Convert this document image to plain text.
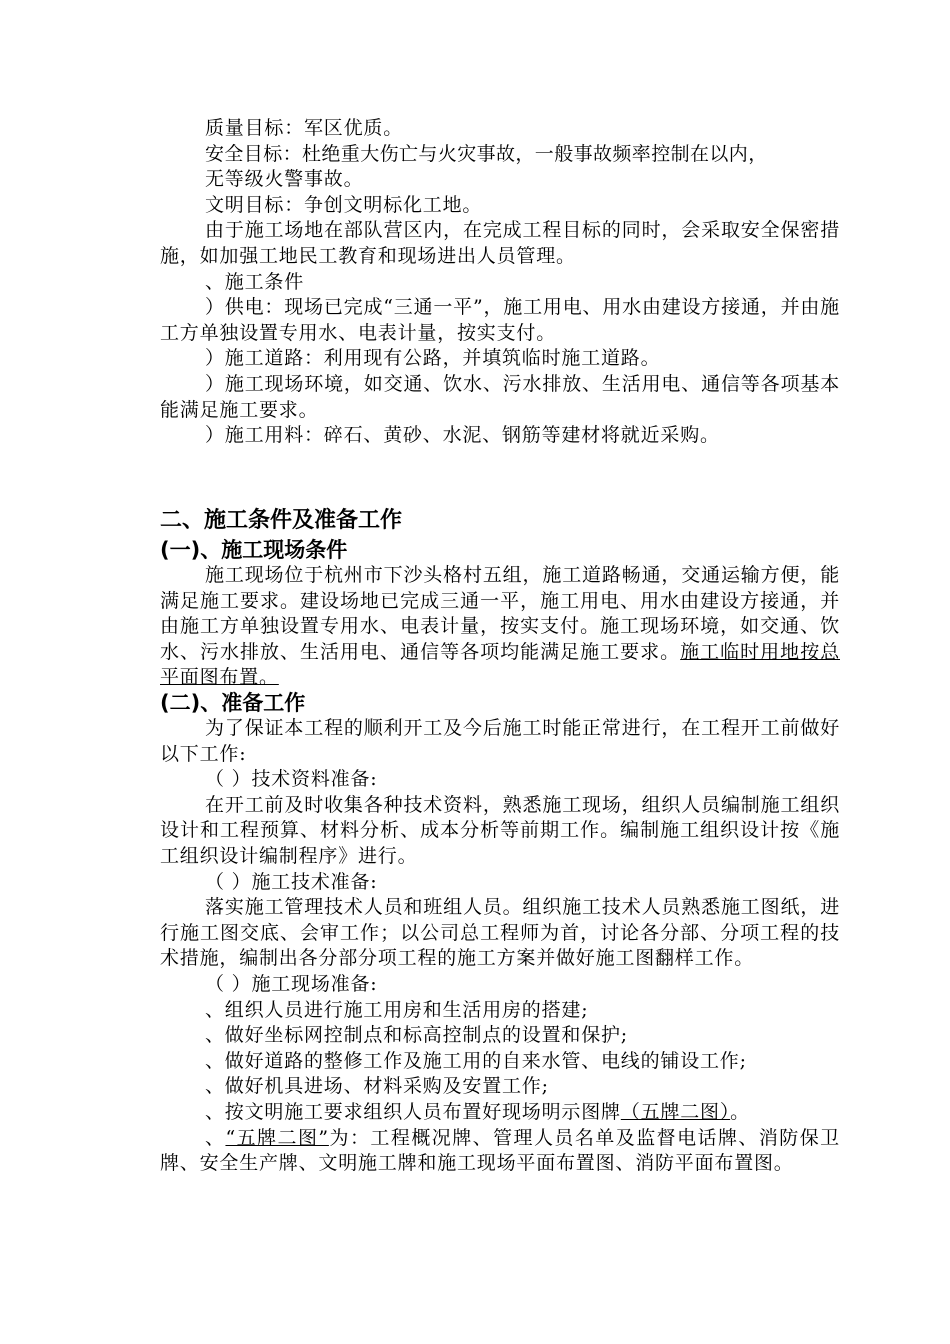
质量目标：军区优质。

安全目标：杜绝重大伤亡与火灾事故，一般事故频率控制在以内，

无等级火警事故。

文明目标：争创文明标化工地。

由于施工场地在部队营区内，在完成工程目标的同时，会采取安全保密措施，如加强工地民工教育和现场进出人员管理。

、施工条件

）供电：现场已完成“三通一平”，施工用电、用水由建设方接通，并由施工方单独设置专用水、电表计量，按实支付。

）施工道路：利用现有公路，并填筑临时施工道路。

）施工现场环境，如交通、饮水、污水排放、生活用电、通信等各项基本能满足施工要求。

）施工用料：碎石、黄砂、水泥、钢筋等建材将就近采购。

二、施工条件及准备工作

(一)、施工现场条件

施工现场位于杭州市下沙头格村五组，施工道路畅通，交通运输方便，能满足施工要求。建设场地已完成三通一平，施工用电、用水由建设方接通，并由施工方单独设置专用水、电表计量，按实支付。施工现场环境，如交通、饮水、污水排放、生活用电、通信等各项均能满足施工要求。施工临时用地按总平面图布置。

(二)、准备工作

为了保证本工程的顺利开工及今后施工时能正常进行，在工程开工前做好以下工作:

（ ）技术资料准备:

在开工前及时收集各种技术资料，熟悉施工现场，组织人员编制施工组织设计和工程预算、材料分析、成本分析等前期工作。编制施工组织设计按《施工组织设计编制程序》进行。

（ ）施工技术准备:

落实施工管理技术人员和班组人员。组织施工技术人员熟悉施工图纸，进行施工图交底、会审工作；以公司总工程师为首，讨论各分部、分项工程的技术措施，编制出各分部分项工程的施工方案并做好施工图翻样工作。

（ ）施工现场准备:

、组织人员进行施工用房和生活用房的搭建;

、做好坐标网控制点和标高控制点的设置和保护;

、做好道路的整修工作及施工用的自来水管、电线的铺设工作;

、做好机具进场、材料采购及安置工作;

、按文明施工要求组织人员布置好现场明示图牌（五牌二图）。

、“五牌二图”为：工程概况牌、管理人员名单及监督电话牌、消防保卫牌、安全生产牌、文明施工牌和施工现场平面布置图、消防平面布置图。
